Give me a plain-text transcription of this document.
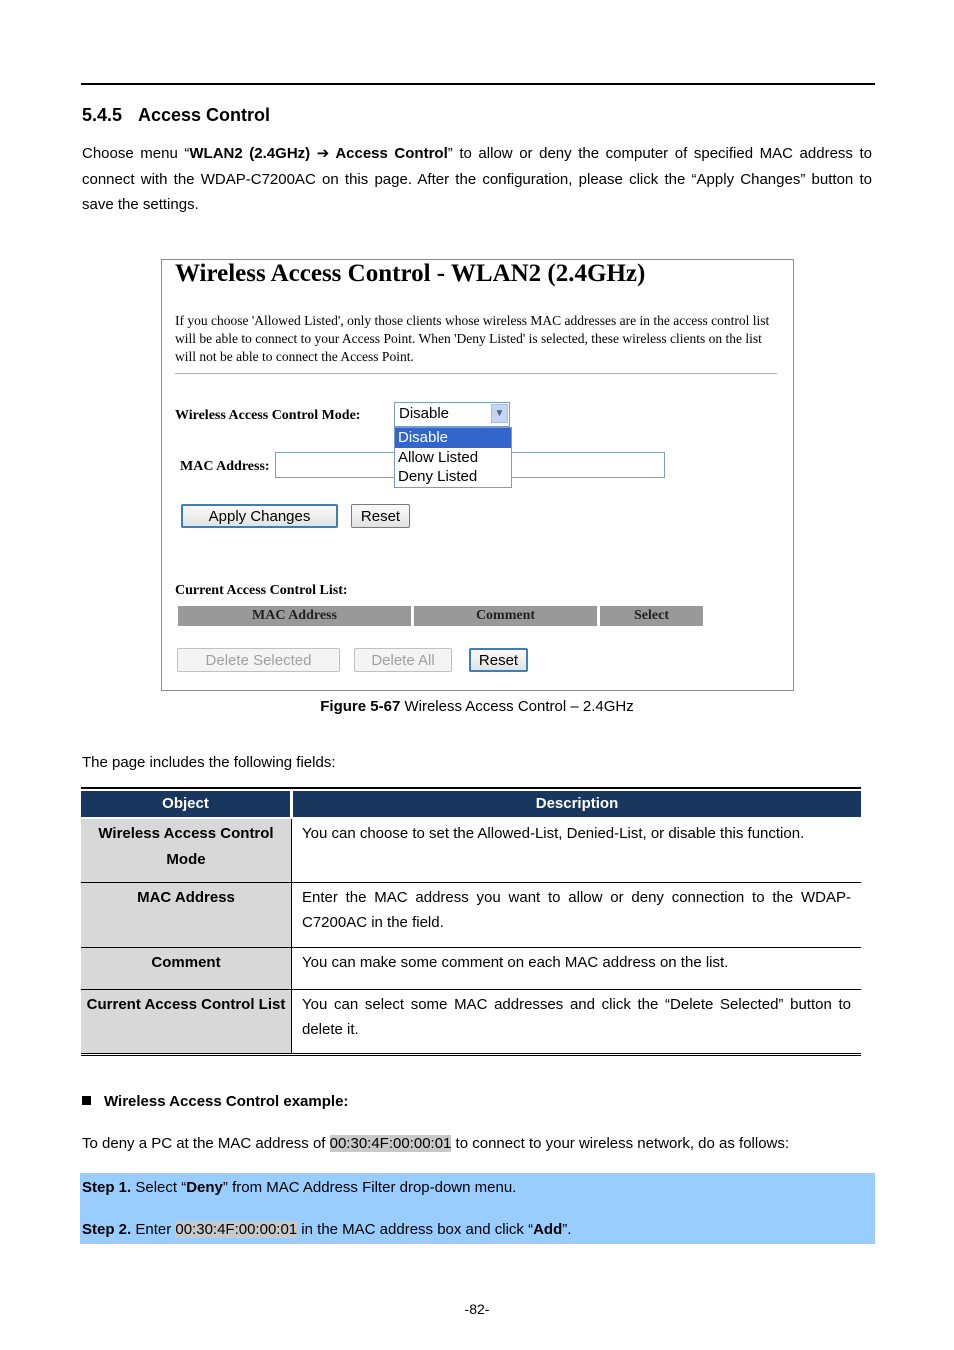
5.4.5 Access Control
Choose menu “WLAN2 (2.4GHz) ➔ Access Control” to allow or deny the computer of specified MAC address to connect with the WDAP-C7200AC on this page. After the configuration, please click the “Apply Changes” button to save the settings.
Wireless Access Control - WLAN2 (2.4GHz)
If you choose 'Allowed Listed', only those clients whose wireless MAC addresses are in the access control list will be able to connect to your Access Point. When 'Deny Listed' is selected, these wireless clients on the list will not be able to connect the Access Point.
Wireless Access Control Mode:	Disable	▼
Disable
Allow Listed
Deny Listed
MAC Address:
Apply Changes	Reset
Current Access Control List:
MAC Address	Comment	Select
Delete Selected	Delete All	Reset
Figure 5-67 Wireless Access Control – 2.4GHz
The page includes the following fields:
Object	Description
Wireless Access Control Mode	You can choose to set the Allowed-List, Denied-List, or disable this function.
MAC Address	Enter the MAC address you want to allow or deny connection to the WDAP-C7200AC in the field.
Comment	You can make some comment on each MAC address on the list.
Current Access Control List	You can select some MAC addresses and click the “Delete Selected” button to delete it.
Wireless Access Control example:
To deny a PC at the MAC address of 00:30:4F:00:00:01 to connect to your wireless network, do as follows:
Step 1. Select “Deny” from MAC Address Filter drop-down menu.
Step 2. Enter 00:30:4F:00:00:01 in the MAC address box and click “Add”.
-82-
